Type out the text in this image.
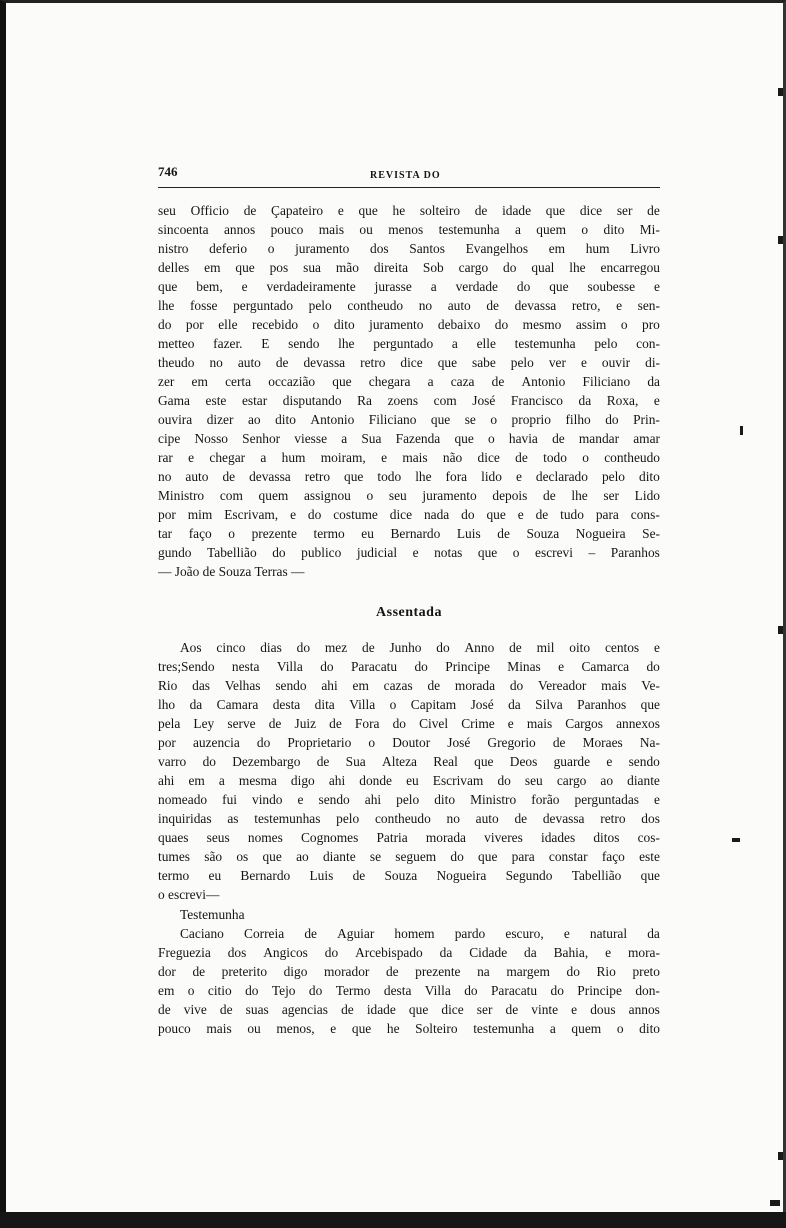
746	REVISTA DO
seu Officio de Çapateiro e que he solteiro de idade que dice ser de
sincoenta annos pouco mais ou menos testemunha a quem o dito Mi-
nistro deferio o juramento dos Santos Evangelhos em hum Livro
delles em que pos sua mão direita Sob cargo do qual lhe encarregou
que bem, e verdadeiramente jurasse a verdade do que soubesse e
lhe fosse perguntado pelo contheudo no auto de devassa retro, e sen-
do por elle recebido o dito juramento debaixo do mesmo assim o pro
metteo fazer. E sendo lhe perguntado a elle testemunha pelo con-
theudo no auto de devassa retro dice que sabe pelo ver e ouvir di-
zer em certa occazião que chegara a caza de Antonio Filiciano da
Gama este estar disputando Ra zoens com José Francisco da Roxa, e
ouvira dizer ao dito Antonio Filiciano que se o proprio filho do Prin-
cipe Nosso Senhor viesse a Sua Fazenda que o havia de mandar amar
rar e chegar a hum moiram, e mais não dice de todo o contheudo
no auto de devassa retro que todo lhe fora lido e declarado pelo dito
Ministro com quem assignou o seu juramento depois de lhe ser Lido
por mim Escrivam, e do costume dice nada do que e de tudo para cons-
tar faço o prezente termo eu Bernardo Luis de Souza Nogueira Se-
gundo Tabellião do publico judicial e notas que o escrevi – Paranhos
— João de Souza Terras —
Assentada
Aos cinco dias do mez de Junho do Anno de mil oito centos e
tres;Sendo nesta Villa do Paracatu do Principe Minas e Camarca do
Rio das Velhas sendo ahi em cazas de morada do Vereador mais Ve-
lho da Camara desta dita Villa o Capitam José da Silva Paranhos que
pela Ley serve de Juiz de Fora do Civel Crime e mais Cargos annexos
por auzencia do Proprietario o Doutor José Gregorio de Moraes Na-
varro do Dezembargo de Sua Alteza Real que Deos guarde e sendo
ahi em a mesma digo ahi donde eu Escrivam do seu cargo ao diante
nomeado fui vindo e sendo ahi pelo dito Ministro forão perguntadas e
inquiridas as testemunhas pelo contheudo no auto de devassa retro dos
quaes seus nomes Cognomes Patria morada viveres idades ditos cos-
tumes são os que ao diante se seguem do que para constar faço este
termo eu Bernardo Luis de Souza Nogueira Segundo Tabellião que
o escrevi—
Testemunha
Caciano Correia de Aguiar homem pardo escuro, e natural da
Freguezia dos Angicos do Arcebispado da Cidade da Bahia, e mora-
dor de preterito digo morador de prezente na margem do Rio preto
em o citio do Tejo do Termo desta Villa do Paracatu do Principe don-
de vive de suas agencias de idade que dice ser de vinte e dous annos
pouco mais ou menos, e que he Solteiro testemunha a quem o dito
